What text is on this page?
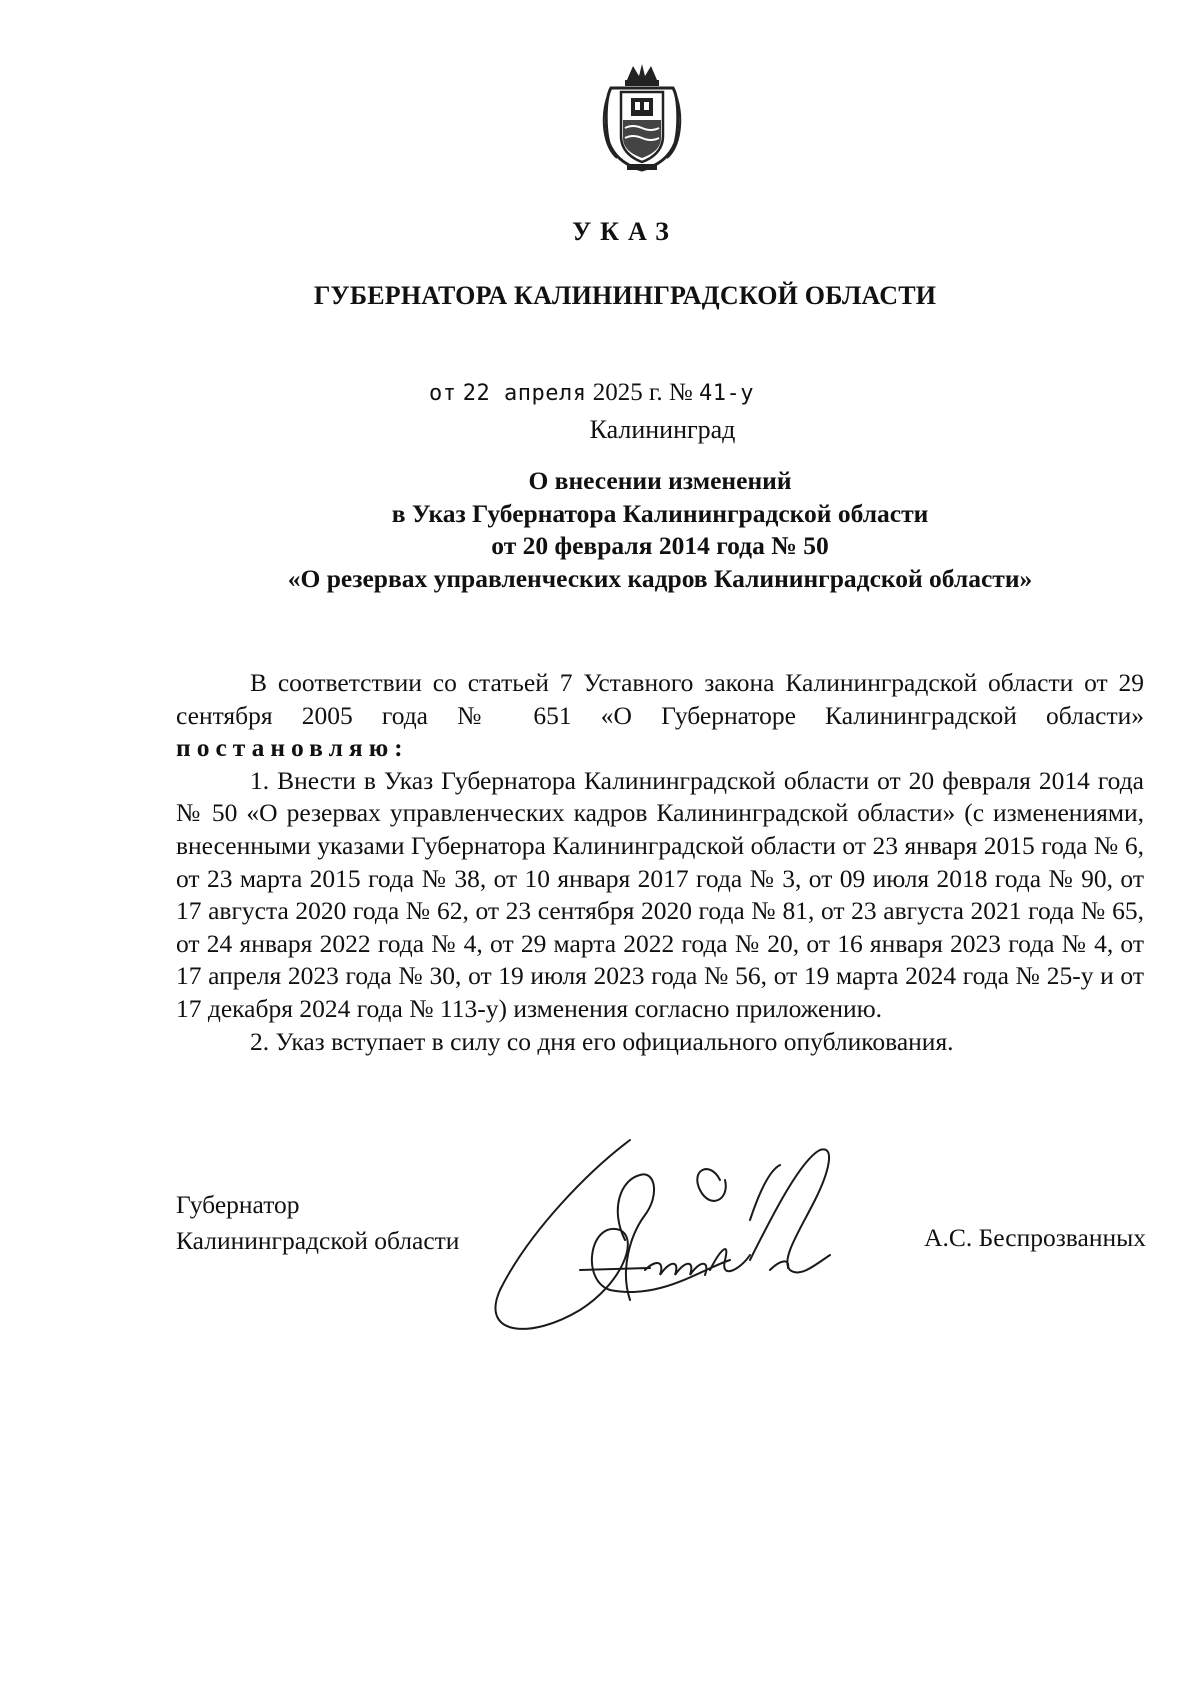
УКАЗ
ГУБЕРНАТОРА КАЛИНИНГРАДСКОЙ ОБЛАСТИ
от 22 апреля 2025 г. № 41-у
Калининград
О внесении изменений
в Указ Губернатора Калининградской области
от 20 февраля 2014 года № 50
«О резервах управленческих кадров Калининградской области»

В соответствии со статьей 7 Уставного закона Калининградской области от 29 сентября 2005 года № 651 «О Губернаторе Калининградской области» постановляю:

1. Внести в Указ Губернатора Калининградской области от 20 февраля 2014 года № 50 «О резервах управленческих кадров Калининградской области» (с изменениями, внесенными указами Губернатора Калининградской области от 23 января 2015 года № 6, от 23 марта 2015 года № 38, от 10 января 2017 года № 3, от 09 июля 2018 года № 90, от 17 августа 2020 года № 62, от 23 сентября 2020 года № 81, от 23 августа 2021 года № 65, от 24 января 2022 года № 4, от 29 марта 2022 года № 20, от 16 января 2023 года № 4, от 17 апреля 2023 года № 30, от 19 июля 2023 года № 56, от 19 марта 2024 года № 25-у и от 17 декабря 2024 года № 113-у) изменения согласно приложению.

2. Указ вступает в силу со дня его официального опубликования.

Губернатор
Калининградской области	А.С. Беспрозванных
